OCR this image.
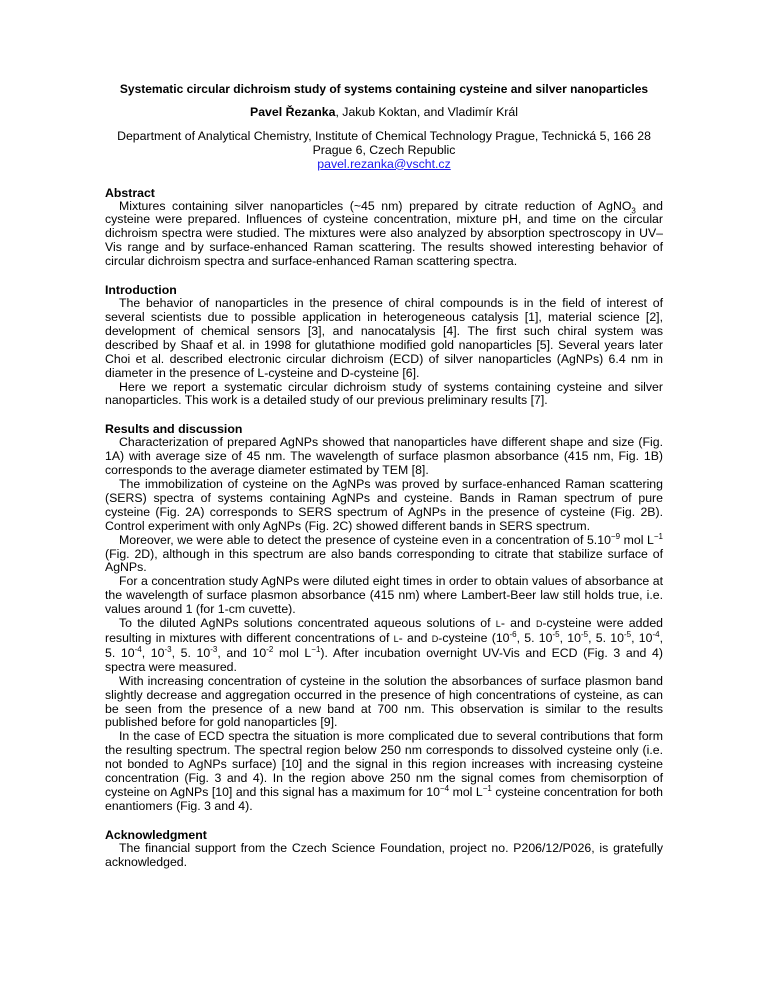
Systematic circular dichroism study of systems containing cysteine and silver nanoparticles
Pavel Řezanka, Jakub Koktan, and Vladimír Král
Department of Analytical Chemistry, Institute of Chemical Technology Prague, Technická 5, 166 28
Prague 6, Czech Republic
pavel.rezanka@vscht.cz
Abstract

Mixtures containing silver nanoparticles (~45 nm) prepared by citrate reduction of AgNO$_3$ and cysteine were prepared. Influences of cysteine concentration, mixture pH, and time on the circular dichroism spectra were studied. The mixtures were also analyzed by absorption spectroscopy in UV–Vis range and by surface-enhanced Raman scattering. The results showed interesting behavior of circular dichroism spectra and surface-enhanced Raman scattering spectra.

Introduction

The behavior of nanoparticles in the presence of chiral compounds is in the field of interest of several scientists due to possible application in heterogeneous catalysis [1], material science [2], development of chemical sensors [3], and nanocatalysis [4]. The first such chiral system was described by Shaaf et al. in 1998 for glutathione modified gold nanoparticles [5]. Several years later Choi et al. described electronic circular dichroism (ECD) of silver nanoparticles (AgNPs) 6.4 nm in diameter in the presence of L-cysteine and D-cysteine [6].

Here we report a systematic circular dichroism study of systems containing cysteine and silver nanoparticles. This work is a detailed study of our previous preliminary results [7].

Results and discussion

Characterization of prepared AgNPs showed that nanoparticles have different shape and size (Fig. 1A) with average size of 45 nm. The wavelength of surface plasmon absorbance (415 nm, Fig. 1B) corresponds to the average diameter estimated by TEM [8].

The immobilization of cysteine on the AgNPs was proved by surface-enhanced Raman scattering (SERS) spectra of systems containing AgNPs and cysteine. Bands in Raman spectrum of pure cysteine (Fig. 2A) corresponds to SERS spectrum of AgNPs in the presence of cysteine (Fig. 2B). Control experiment with only AgNPs (Fig. 2C) showed different bands in SERS spectrum.

Moreover, we were able to detect the presence of cysteine even in a concentration of $5.10^{-9}$ mol $L^{-1}$ (Fig. 2D), although in this spectrum are also bands corresponding to citrate that stabilize surface of AgNPs.

For a concentration study AgNPs were diluted eight times in order to obtain values of absorbance at the wavelength of surface plasmon absorbance (415 nm) where Lambert-Beer law still holds true, i.e. values around 1 (for 1-cm cuvette).

To the diluted AgNPs solutions concentrated aqueous solutions of L- and D-cysteine were added resulting in mixtures with different concentrations of L- and D-cysteine ($10^{-6}$, 5. $10^{-5}$, $10^{-5}$, 5. $10^{-5}$, $10^{-4}$, 5. $10^{-4}$, $10^{-3}$, 5. $10^{-3}$, and $10^{-2}$ mol $L^{-1}$). After incubation overnight UV-Vis and ECD (Fig. 3 and 4) spectra were measured.

With increasing concentration of cysteine in the solution the absorbances of surface plasmon band slightly decrease and aggregation occurred in the presence of high concentrations of cysteine, as can be seen from the presence of a new band at 700 nm. This observation is similar to the results published before for gold nanoparticles [9].

In the case of ECD spectra the situation is more complicated due to several contributions that form the resulting spectrum. The spectral region below 250 nm corresponds to dissolved cysteine only (i.e. not bonded to AgNPs surface) [10] and the signal in this region increases with increasing cysteine concentration (Fig. 3 and 4). In the region above 250 nm the signal comes from chemisorption of cysteine on AgNPs [10] and this signal has a maximum for $10^{-4}$ mol $L^{-1}$ cysteine concentration for both enantiomers (Fig. 3 and 4).

Acknowledgment

The financial support from the Czech Science Foundation, project no. P206/12/P026, is gratefully acknowledged.
